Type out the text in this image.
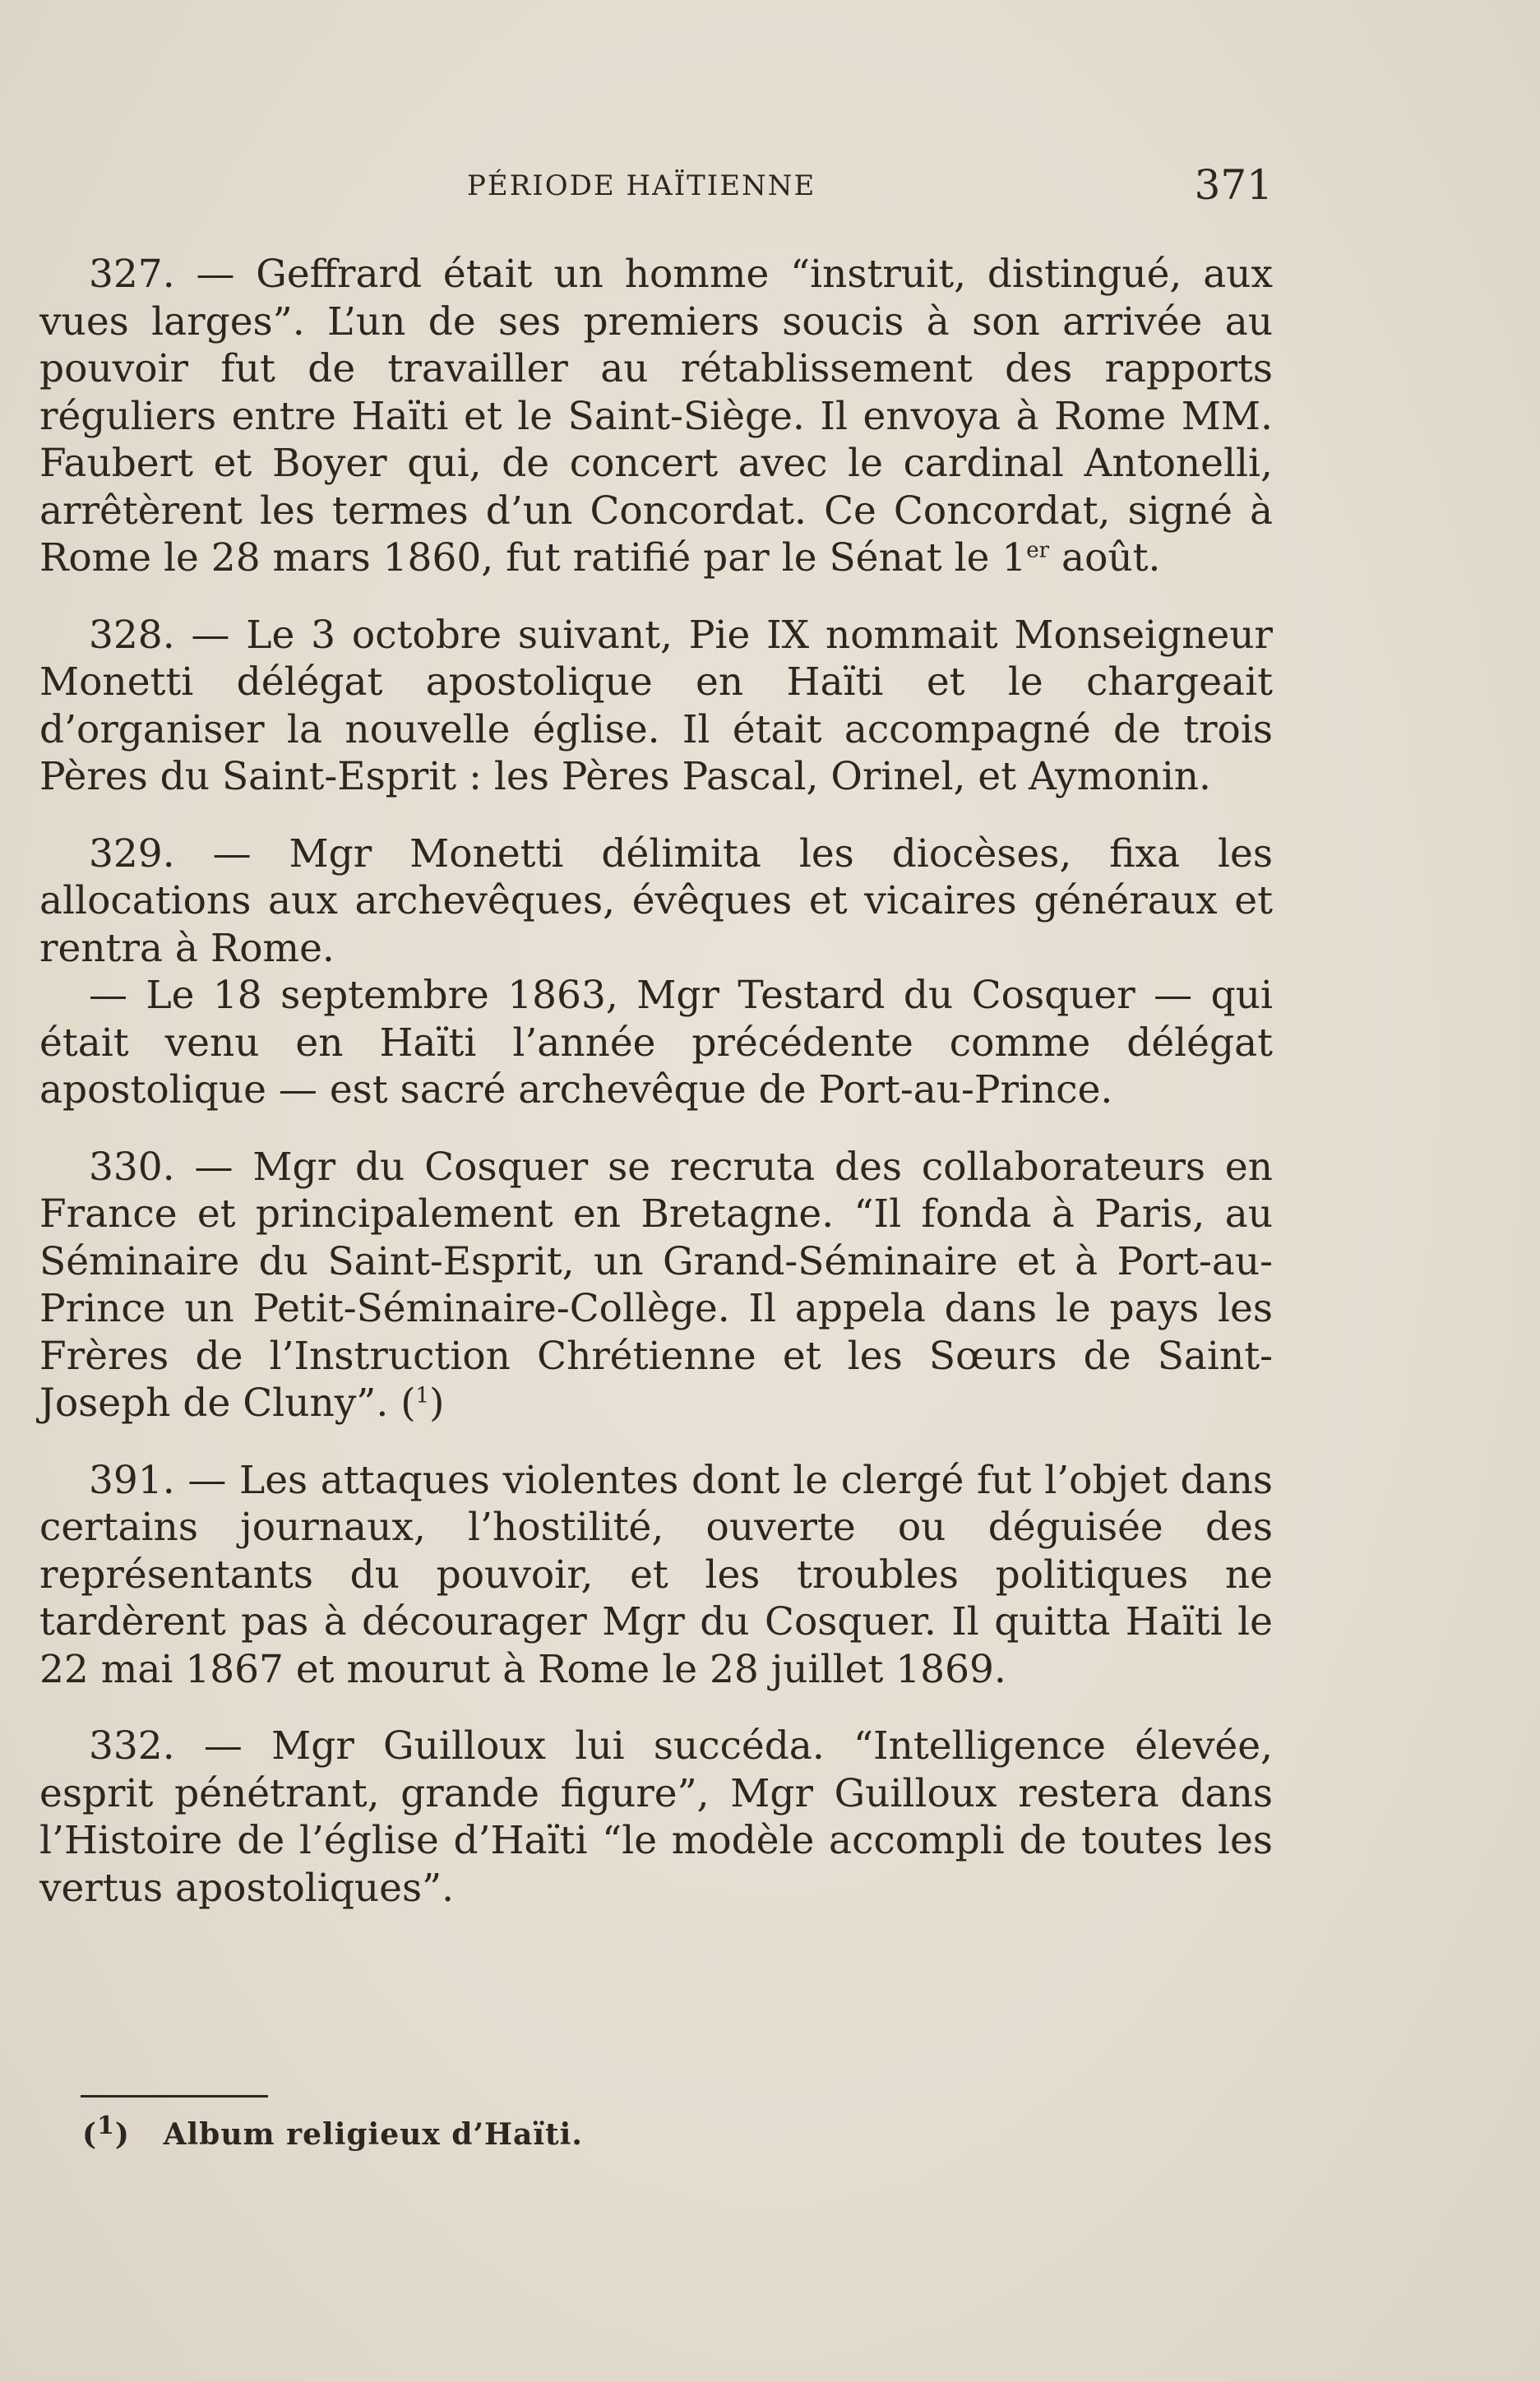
PÉRIODE HAÏTIENNE	371

327. — Geffrard était un homme “instruit, distingué, aux vues larges”. L’un de ses premiers soucis à son arrivée au pouvoir fut de travailler au rétablissement des rapports réguliers entre Haïti et le Saint-Siège. Il envoya à Rome MM. Faubert et Boyer qui, de concert avec le cardinal Antonelli, arrêtèrent les termes d’un Concordat. Ce Concordat, signé à Rome le 28 mars 1860, fut ratifié par le Sénat le 1er août.

328. — Le 3 octobre suivant, Pie IX nommait Monseigneur Monetti délégat apostolique en Haïti et le chargeait d’organiser la nouvelle église. Il était accompagné de trois Pères du Saint-Esprit : les Pères Pascal, Orinel, et Aymonin.

329. — Mgr Monetti délimita les diocèses, fixa les allocations aux archevêques, évêques et vicaires généraux et rentra à Rome.

— Le 18 septembre 1863, Mgr Testard du Cosquer — qui était venu en Haïti l’année précédente comme délégat apostolique — est sacré archevêque de Port-au-Prince.

330. — Mgr du Cosquer se recruta des collaborateurs en France et principalement en Bretagne. “Il fonda à Paris, au Séminaire du Saint-Esprit, un Grand-Séminaire et à Port-au-Prince un Petit-Séminaire-Collège. Il appela dans le pays les Frères de l’Instruction Chrétienne et les Sœurs de Saint-Joseph de Cluny”. ($^1$)

391. — Les attaques violentes dont le clergé fut l’objet dans certains journaux, l’hostilité, ouverte ou déguisée des représentants du pouvoir, et les troubles politiques ne tardèrent pas à décourager Mgr du Cosquer. Il quitta Haïti le 22 mai 1867 et mourut à Rome le 28 juillet 1869.

332. — Mgr Guilloux lui succéda. “Intelligence élevée, esprit pénétrant, grande figure”, Mgr Guilloux restera dans l’Histoire de l’église d’Haïti “le modèle accompli de toutes les vertus apostoliques”.

($^1$) Album religieux d’Haïti.
